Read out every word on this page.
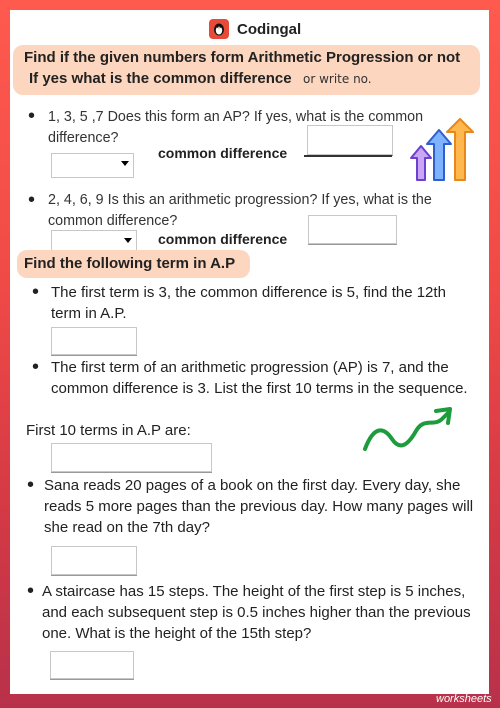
Codingal
Find if the given numbers form Arithmetic Progression or not
If yes what is the common difference or write no.
• 1, 3, 5 ,7 Does this form an AP? If yes, what is the common difference?
common difference
• 2, 4, 6, 9 Is this an arithmetic progression? If yes, what is the common difference?
common difference
Find the following term in A.P
• The first term is 3, the common difference is 5, find the 12th term in A.P.
• The first term of an arithmetic progression (AP) is 7, and the common difference is 3. List the first 10 terms in the sequence.
First 10 terms in A.P are:
• Sana reads 20 pages of a book on the first day. Every day, she reads 5 more pages than the previous day. How many pages will she read on the 7th day?
• A staircase has 15 steps. The height of the first step is 5 inches, and each subsequent step is 0.5 inches higher than the previous one. What is the height of the 15th step?
TOP
worksheets
